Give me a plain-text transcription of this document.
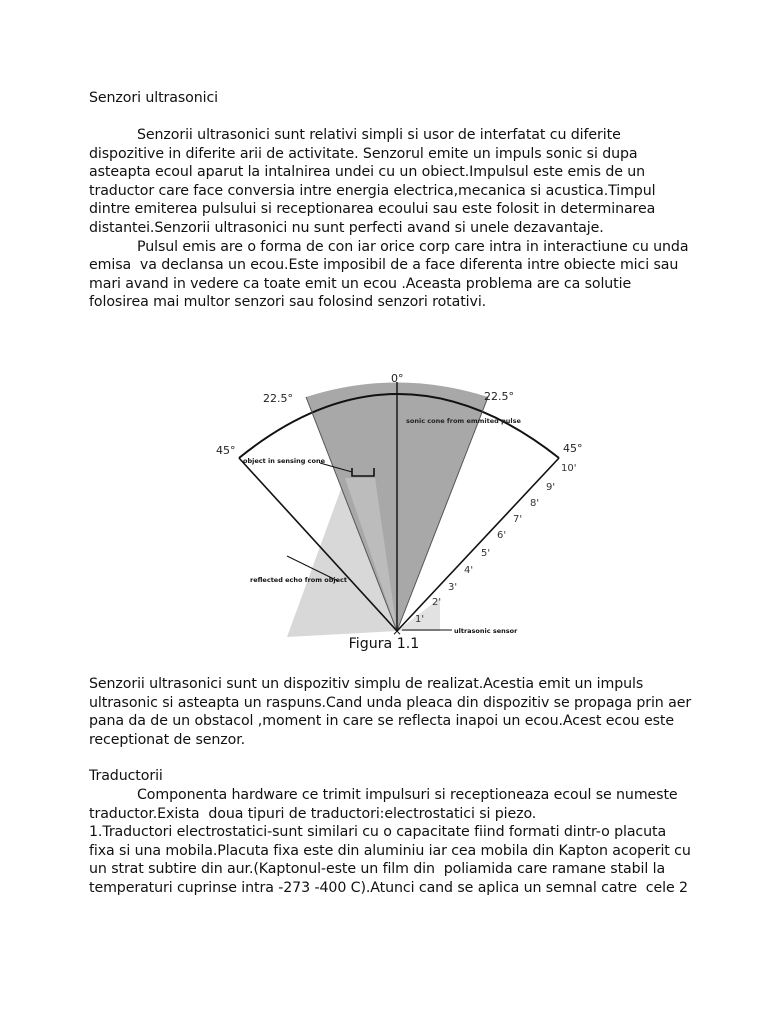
Senzori ultrasonici

	Senzorii ultrasonici sunt relativi simpli si usor de interfatat cu diferite
dispozitive in diferite arii de activitate. Senzorul emite un impuls sonic si dupa
asteapta ecoul aparut la intalnirea undei cu un obiect.Impulsul este emis de un
traductor care face conversia intre energia electrica,mecanica si acustica.Timpul
dintre emiterea pulsului si receptionarea ecoului sau este folosit in determinarea
distantei.Senzorii ultrasonici nu sunt perfecti avand si unele dezavantaje.
	Pulsul emis are o forma de con iar orice corp care intra in interactiune cu unda
emisa  va declansa un ecou.Este imposibil de a face diferenta intre obiecte mici sau
mari avand in vedere ca toate emit un ecou .Aceasta problema are ca solutie
folosirea mai multor senzori sau folosind senzori rotativi.

×
0°
22.5°	22.5°
45°	45°
1'
2'
3'
4'
5'
6'
7'
8'
9'
10'
sonic cone from emmited pulse
object in sensing cone
reflected echo from object
ultrasonic sensor
Figura 1.1

Senzorii ultrasonici sunt un dispozitiv simplu de realizat.Acestia emit un impuls
ultrasonic si asteapta un raspuns.Cand unda pleaca din dispozitiv se propaga prin aer
pana da de un obstacol ,moment in care se reflecta inapoi un ecou.Acest ecou este
receptionat de senzor.

Traductorii

	Componenta hardware ce trimit impulsuri si receptioneaza ecoul se numeste
traductor.Exista  doua tipuri de traductori:electrostatici si piezo.
1.Traductori electrostatici-sunt similari cu o capacitate fiind formati dintr-o placuta
fixa si una mobila.Placuta fixa este din aluminiu iar cea mobila din Kapton acoperit cu
un strat subtire din aur.(Kaptonul-este un film din  poliamida care ramane stabil la
temperaturi cuprinse intra -273 -400 C).Atunci cand se aplica un semnal catre  cele 2
